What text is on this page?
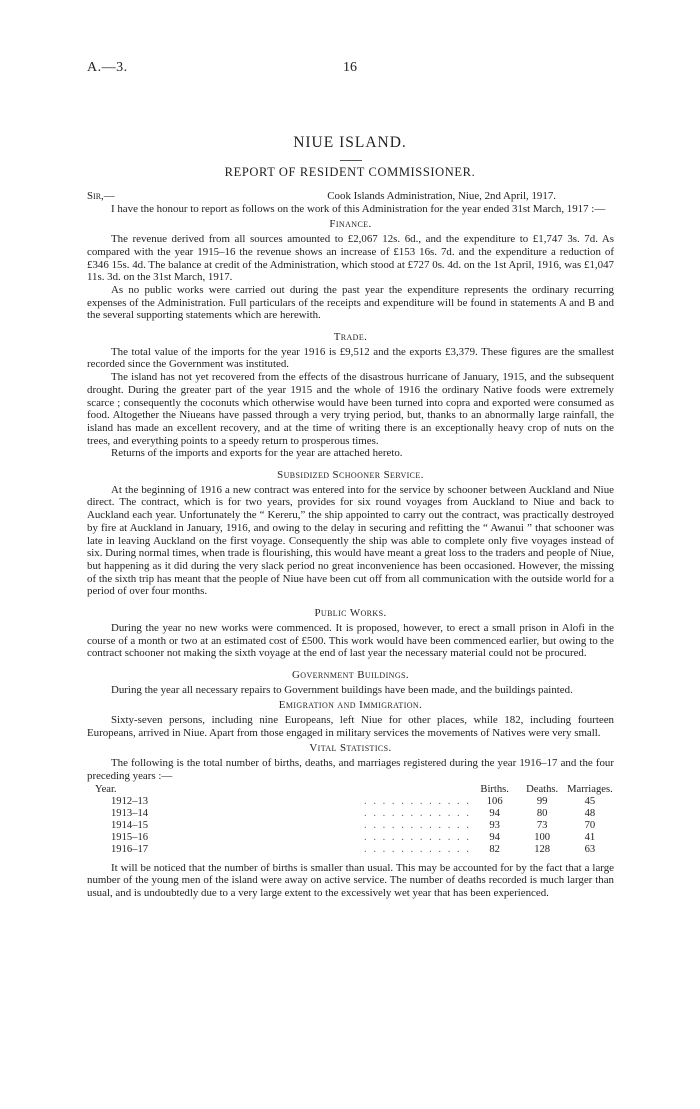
A.—3.	16
NIUE ISLAND.
REPORT OF RESIDENT COMMISSIONER.
Sir,—	Cook Islands Administration, Niue, 2nd April, 1917.

I have the honour to report as follows on the work of this Administration for the year ended 31st March, 1917 :—

Finance.

The revenue derived from all sources amounted to £2,067 12s. 6d., and the expenditure to £1,747 3s. 7d. As compared with the year 1915–16 the revenue shows an increase of £153 16s. 7d. and the expenditure a reduction of £346 15s. 4d. The balance at credit of the Administration, which stood at £727 0s. 4d. on the 1st April, 1916, was £1,047 11s. 3d. on the 31st March, 1917.

As no public works were carried out during the past year the expenditure represents the ordinary recurring expenses of the Administration. Full particulars of the receipts and expenditure will be found in statements A and B and the several supporting statements which are herewith.

Trade.

The total value of the imports for the year 1916 is £9,512 and the exports £3,379. These figures are the smallest recorded since the Government was instituted.

The island has not yet recovered from the effects of the disastrous hurricane of January, 1915, and the subsequent drought. During the greater part of the year 1915 and the whole of 1916 the ordinary Native foods were extremely scarce ; consequently the coconuts which otherwise would have been turned into copra and exported were consumed as food. Altogether the Niueans have passed through a very trying period, but, thanks to an abnormally large rainfall, the island has made an excellent recovery, and at the time of writing there is an exceptionally heavy crop of nuts on the trees, and everything points to a speedy return to prosperous times.

Returns of the imports and exports for the year are attached hereto.

Subsidized Schooner Service.

At the beginning of 1916 a new contract was entered into for the service by schooner between Auckland and Niue direct. The contract, which is for two years, provides for six round voyages from Auckland to Niue and back to Auckland each year. Unfortunately the “ Kereru,” the ship appointed to carry out the contract, was practically destroyed by fire at Auckland in January, 1916, and owing to the delay in securing and refitting the “ Awanui ” that schooner was late in leaving Auckland on the first voyage. Consequently the ship was able to complete only five voyages instead of six. During normal times, when trade is flourishing, this would have meant a great loss to the traders and people of Niue, but happening as it did during the very slack period no great inconvenience has been occasioned. However, the missing of the sixth trip has meant that the people of Niue have been cut off from all communication with the outside world for a period of over four months.

Public Works.

During the year no new works were commenced. It is proposed, however, to erect a small prison in Alofi in the course of a month or two at an estimated cost of £500. This work would have been commenced earlier, but owing to the contract schooner not making the sixth voyage at the end of last year the necessary material could not be procured.

Government Buildings.

During the year all necessary repairs to Government buildings have been made, and the buildings painted.

Emigration and Immigration.

Sixty-seven persons, including nine Europeans, left Niue for other places, while 182, including fourteen Europeans, arrived in Niue. Apart from those engaged in military services the movements of Natives were very small.

Vital Statistics.

The following is the total number of births, deaths, and marriages registered during the year 1916–17 and the four preceding years :—

Year.		Births.	Deaths.	Marriages.
1912–13	. . . . . . . . . . . .	106	99	45
1913–14	. . . . . . . . . . . .	94	80	48
1914–15	. . . . . . . . . . . .	93	73	70
1915–16	. . . . . . . . . . . .	94	100	41
1916–17	. . . . . . . . . . . .	82	128	63

It will be noticed that the number of births is smaller than usual. This may be accounted for by the fact that a large number of the young men of the island were away on active service. The number of deaths recorded is much larger than usual, and is undoubtedly due to a very large extent to the excessively wet year that has been experienced.
